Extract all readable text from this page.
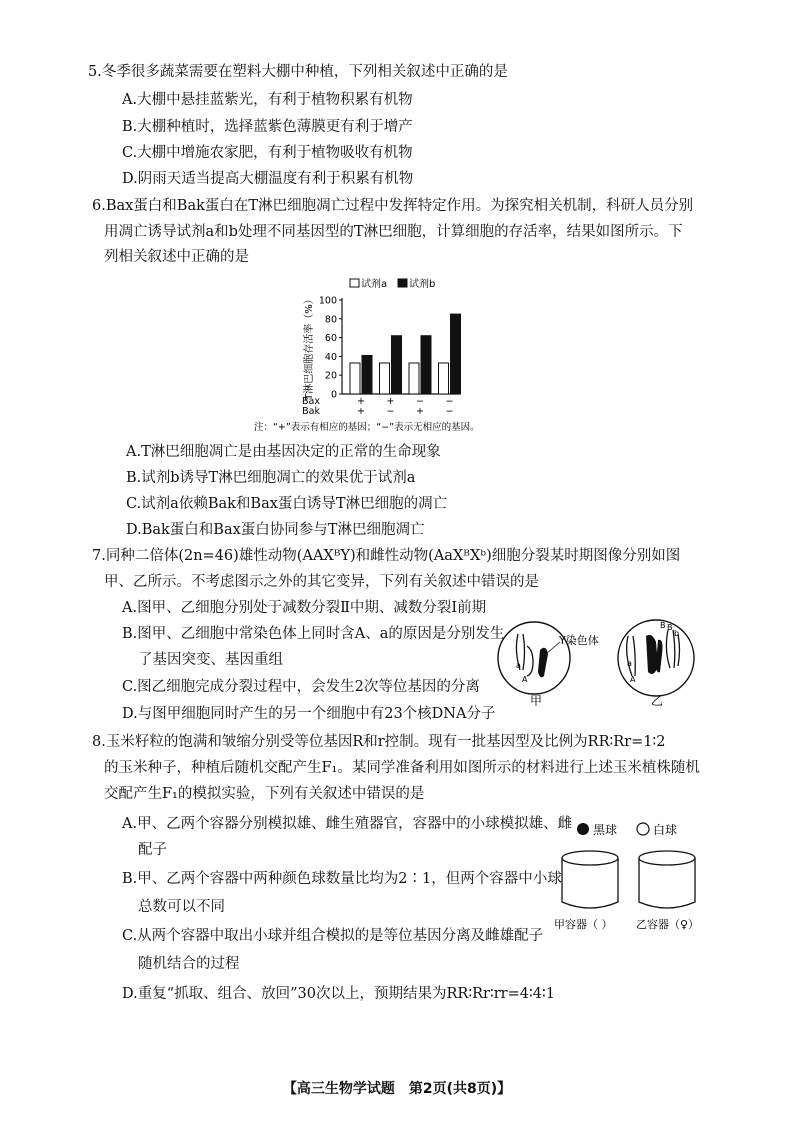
5.冬季很多蔬菜需要在塑料大棚中种植，下列相关叙述中正确的是
A.大棚中悬挂蓝紫光，有利于植物积累有机物
B.大棚种植时，选择蓝紫色薄膜更有利于增产
C.大棚中增施农家肥，有利于植物吸收有机物
D.阴雨天适当提高大棚温度有利于积累有机物
6.Bax蛋白和Bak蛋白在T淋巴细胞凋亡过程中发挥特定作用。为探究相关机制，科研人员分别
用凋亡诱导试剂a和b处理不同基因型的T淋巴细胞，计算细胞的存活率，结果如图所示。下
列相关叙述中正确的是
试剂a 试剂b
0
20
40
60
80
100
T淋巴细胞存活率（%）
+
+
+
−
−
+
−
−
Bax
Bak
注：“+”表示有相应的基因；“−”表示无相应的基因。
A.T淋巴细胞凋亡是由基因决定的正常的生命现象
B.试剂b诱导T淋巴细胞凋亡的效果优于试剂a
C.试剂a依赖Bak和Bax蛋白诱导T淋巴细胞的凋亡
D.Bak蛋白和Bax蛋白协同参与T淋巴细胞凋亡
7.同种二倍体(2n=46)雄性动物(AAXᴮY)和雌性动物(AaXᴮXᵇ)细胞分裂某时期图像分别如图
甲、乙所示。不考虑图示之外的其它变异，下列有关叙述中错误的是
A.图甲、乙细胞分别处于减数分裂Ⅱ中期、减数分裂Ⅰ前期
B.图甲、乙细胞中常染色体上同时含A、a的原因是分别发生
了基因突变、基因重组
C.图乙细胞完成分裂过程中，会发生2次等位基因的分离
D.与图甲细胞同时产生的另一个细胞中有23个核DNA分子
a
A
Y染色体
甲
a
A
B
b
B
乙
8.玉米籽粒的饱满和皱缩分别受等位基因R和r控制。现有一批基因型及比例为RR∶Rr=1∶2
的玉米种子，种植后随机交配产生F₁。某同学准备利用如图所示的材料进行上述玉米植株随机
交配产生F₁的模拟实验，下列有关叙述中错误的是
A.甲、乙两个容器分别模拟雄、雌生殖器官，容器中的小球模拟雄、雌
配子
B.甲、乙两个容器中两种颜色球数量比均为2∶1，但两个容器中小球
总数可以不同
C.从两个容器中取出小球并组合模拟的是等位基因分离及雌雄配子
随机结合的过程
D.重复“抓取、组合、放回”30次以上，预期结果为RR∶Rr∶rr=4∶4∶1
黑球	白球
甲容器（ ） 乙容器（♀）
【高三生物学试题　第2页(共8页)】
